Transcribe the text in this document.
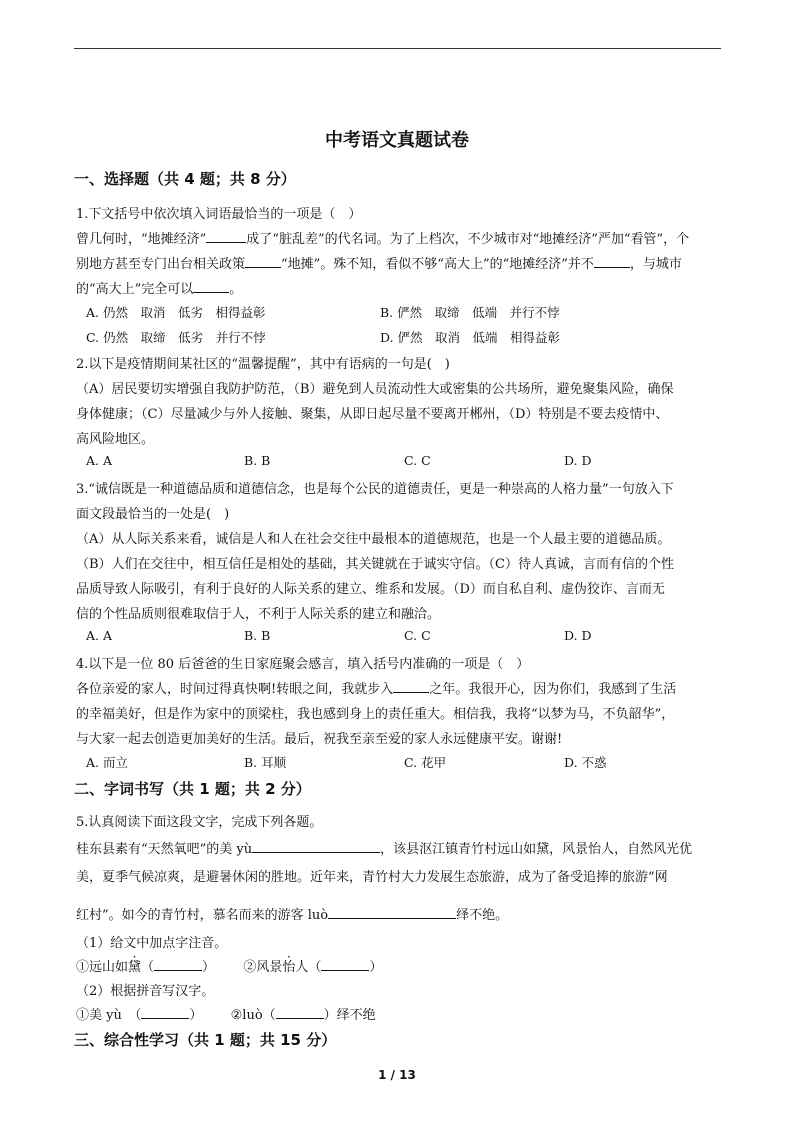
中考语文真题试卷
一、选择题（共 4 题；共 8 分）
1.下文括号中依次填入词语最恰当的一项是（　）
曾几何时，“地摊经济”	成了“脏乱差”的代名词。为了上档次，不少城市对“地摊经济”严加“看管”，个
别地方甚至专门出台相关政策	“地摊”。殊不知，看似不够“高大上”的“地摊经济”并不	，与城市
的“高大上”完全可以	。
A. 仍然　取消　低劣　相得益彰	B. 俨然　取缔　低端　并行不悖
C. 仍然　取缔　低劣　并行不悖	D. 俨然　取消　低端　相得益彰
2.以下是疫情期间某社区的“温馨提醒”，其中有语病的一句是(　)
（A）居民要切实增强自我防护防范，（B）避免到人员流动性大或密集的公共场所，避免聚集风险，确保
身体健康；（C）尽量减少与外人接触、聚集，从即日起尽量不要离开郴州，（D）特别是不要去疫情中、
高风险地区。
A. A	B. B	C. C	D. D
3.“诚信既是一种道德品质和道德信念，也是每个公民的道德责任，更是一种崇高的人格力量”一句放入下
面文段最恰当的一处是(　)
（A）从人际关系来看，诚信是人和人在社会交往中最根本的道德规范，也是一个人最主要的道德品质。
（B）人们在交往中，相互信任是相处的基础，其关键就在于诚实守信。（C）待人真诚，言而有信的个性
品质导致人际吸引，有利于良好的人际关系的建立、维系和发展。（D）而自私自利、虚伪狡诈、言而无
信的个性品质则很难取信于人，不利于人际关系的建立和融洽。
A. A	B. B	C. C	D. D
4.以下是一位 80 后爸爸的生日家庭聚会感言，填入括号内准确的一项是（　）
各位亲爱的家人，时间过得真快啊!转眼之间，我就步入	之年。我很开心，因为你们，我感到了生活
的幸福美好，但是作为家中的顶梁柱，我也感到身上的责任重大。相信我，我将“以梦为马，不负韶华”，
与大家一起去创造更加美好的生活。最后，祝我至亲至爱的家人永远健康平安。谢谢!
A. 而立	B. 耳顺	C. 花甲	D. 不惑
二、字词书写（共 1 题；共 2 分）
5.认真阅读下面这段文字，完成下列各题。
桂东县素有“天然氧吧”的美 yù	，该县沤江镇青竹村远山如黛，风景怡人，自然风光优
美，夏季气候凉爽，是避暑休闲的胜地。近年来，青竹村大力发展生态旅游，成为了备受追捧的旅游“网
红村”。如今的青竹村，慕名而来的游客 luò	绎不绝。
（1）给文中加点字注音。
①远山如黛（	） ②风景怡人（	）
（2）根据拼音写汉字。
①美 yù　（	） ②luò（	）绎不绝
三、综合性学习（共 1 题；共 15 分）
1 / 13
